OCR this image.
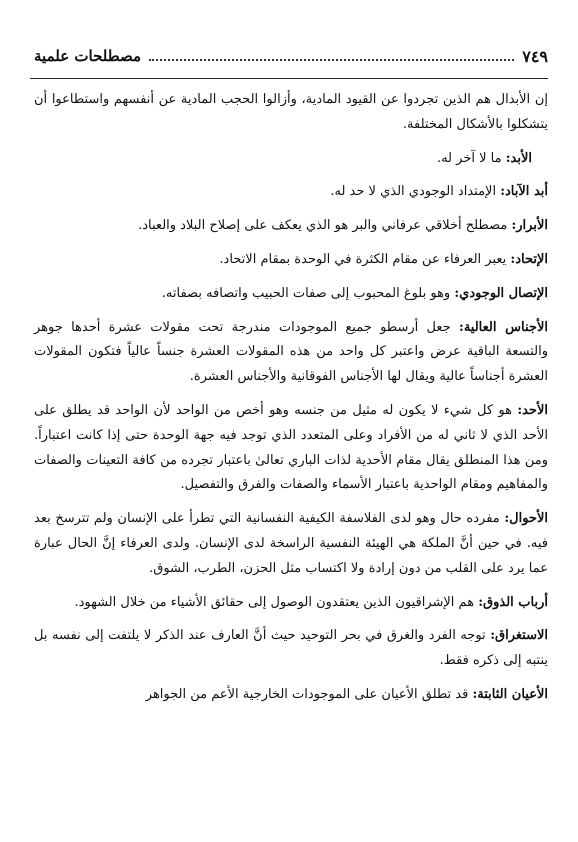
مصطلحات علمية	٧٤٩

إن الأبدال هم الذين تجردوا عن القيود المادية، وأزالوا الحجب المادية عن أنفسهم واستطاعوا أن يتشكلوا بالأشكال المختلفة.

الأبد: ما لا آخر له.

أبد الآباد: الإمتداد الوجودي الذي لا حد له.

الأبرار: مصطلح أخلاقي عرفاني والبر هو الذي يعكف على إصلاح البلاد والعباد.

الإتحاد: يعبر العرفاء عن مقام الكثرة في الوحدة بمقام الاتحاد.

الإتصال الوجودي: وهو بلوغ المحبوب إلى صفات الحبيب واتصافه بصفاته.

الأجناس العالية: جعل أرسطو جميع الموجودات مندرجة تحت مقولات عشرة أحدها جوهر والتسعة الباقية عرض واعتبر كل واحد من هذه المقولات العشرة جنساً عالياً فتكون المقولات العشرة أجناساً عالية ويقال لها الأجناس الفوقانية والأجناس العشرة.

الأحد: هو كل شيء لا يكون له مثيل من جنسه وهو أخص من الواحد لأن الواحد قد يطلق على الأحد الذي لا ثاني له من الأفراد وعلى المتعدد الذي توجد فيه جهة الوحدة حتى إذا كانت اعتباراً. ومن هذا المنطلق يقال مقام الأحدية لذات الباري تعالىٰ باعتبار تجرده من كافة التعينات والصفات والمفاهيم ومقام الواحدية باعتبار الأسماء والصفات والفرق والتفصيل.

الأحوال: مفرده حال وهو لدى الفلاسفة الكيفية النفسانية التي تطرأ على الإنسان ولم تترسخ بعد فيه. في حين أنَّ الملكة هي الهيئة النفسية الراسخة لدى الإنسان. ولدى العرفاء إنَّ الحال عبارة عما يرد على القلب من دون إرادة ولا اكتساب مثل الحزن، الطرب، الشوق.

أرباب الذوق: هم الإشراقيون الذين يعتقدون الوصول إلى حقائق الأشياء من خلال الشهود.

الاستغراق: توجه الفرد والغرق في بحر التوحيد حيث أنَّ العارف عند الذكر لا يلتفت إلى نفسه بل ينتبه إلى ذكره فقط.

الأعيان الثابتة: قد تطلق الأعيان على الموجودات الخارجية الأعم من الجواهر
